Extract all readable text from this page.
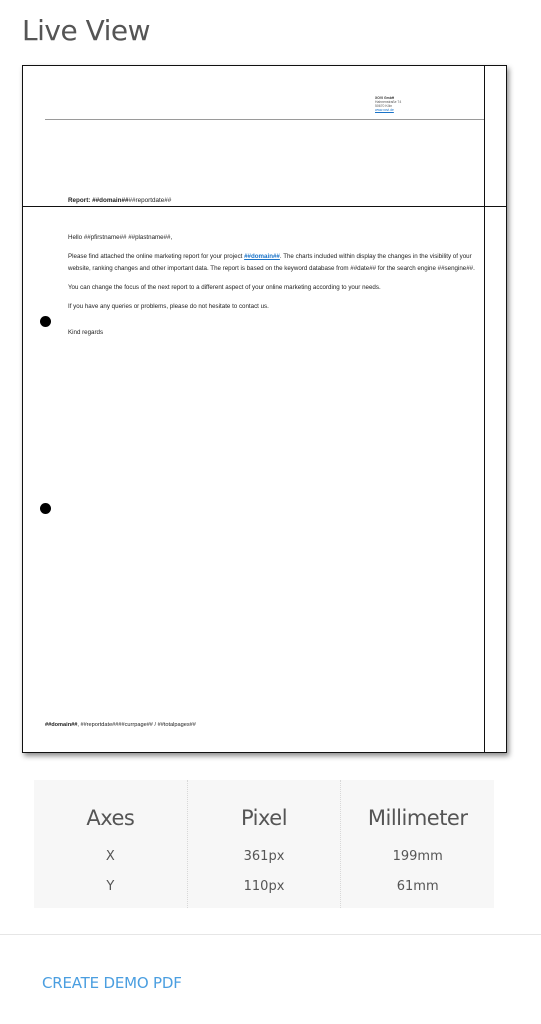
Live View
XOVI GmbH
Hahnenstraße 74
50670 Köln
www.xovi.de
Report: ##domain####reportdate##

Hello ##pfirstname## ##plastname##,

Please find attached the online marketing report for your project ##domain##. The charts included within display the changes in the visibility of your website, ranking changes and other important data. The report is based on the keyword database from ##date## for the search engine ##sengine##.

You can change the focus of the next report to a different aspect of your online marketing according to your needs.

If you have any queries or problems, please do not hesitate to contact us.

Kind regards

##domain##, ##reportdate####currpage## / ##totalpages##
Axes
X
Y
Pixel
361px
110px
Millimeter
199mm
61mm
CREATE DEMO PDF
